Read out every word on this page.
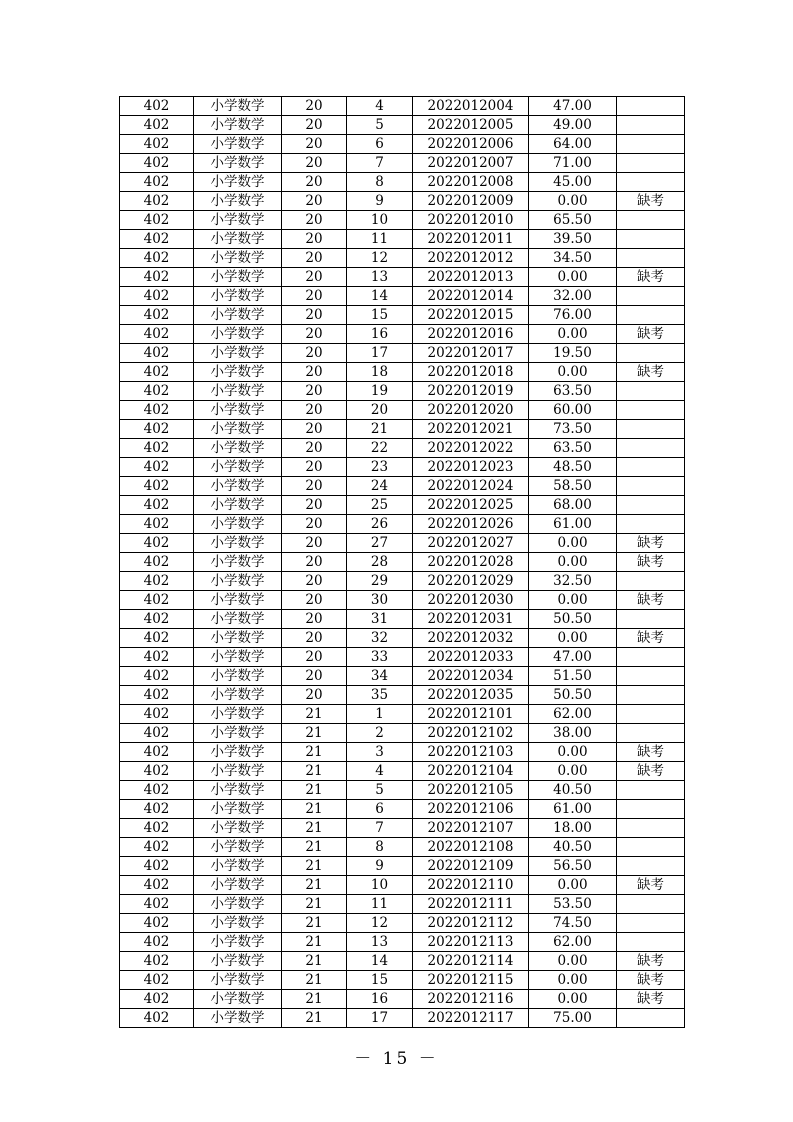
402	小学数学	20	4	2022012004	47.00	
402	小学数学	20	5	2022012005	49.00	
402	小学数学	20	6	2022012006	64.00	
402	小学数学	20	7	2022012007	71.00	
402	小学数学	20	8	2022012008	45.00	
402	小学数学	20	9	2022012009	0.00	缺考
402	小学数学	20	10	2022012010	65.50	
402	小学数学	20	11	2022012011	39.50	
402	小学数学	20	12	2022012012	34.50	
402	小学数学	20	13	2022012013	0.00	缺考
402	小学数学	20	14	2022012014	32.00	
402	小学数学	20	15	2022012015	76.00	
402	小学数学	20	16	2022012016	0.00	缺考
402	小学数学	20	17	2022012017	19.50	
402	小学数学	20	18	2022012018	0.00	缺考
402	小学数学	20	19	2022012019	63.50	
402	小学数学	20	20	2022012020	60.00	
402	小学数学	20	21	2022012021	73.50	
402	小学数学	20	22	2022012022	63.50	
402	小学数学	20	23	2022012023	48.50	
402	小学数学	20	24	2022012024	58.50	
402	小学数学	20	25	2022012025	68.00	
402	小学数学	20	26	2022012026	61.00	
402	小学数学	20	27	2022012027	0.00	缺考
402	小学数学	20	28	2022012028	0.00	缺考
402	小学数学	20	29	2022012029	32.50	
402	小学数学	20	30	2022012030	0.00	缺考
402	小学数学	20	31	2022012031	50.50	
402	小学数学	20	32	2022012032	0.00	缺考
402	小学数学	20	33	2022012033	47.00	
402	小学数学	20	34	2022012034	51.50	
402	小学数学	20	35	2022012035	50.50	
402	小学数学	21	1	2022012101	62.00	
402	小学数学	21	2	2022012102	38.00	
402	小学数学	21	3	2022012103	0.00	缺考
402	小学数学	21	4	2022012104	0.00	缺考
402	小学数学	21	5	2022012105	40.50	
402	小学数学	21	6	2022012106	61.00	
402	小学数学	21	7	2022012107	18.00	
402	小学数学	21	8	2022012108	40.50	
402	小学数学	21	9	2022012109	56.50	
402	小学数学	21	10	2022012110	0.00	缺考
402	小学数学	21	11	2022012111	53.50	
402	小学数学	21	12	2022012112	74.50	
402	小学数学	21	13	2022012113	62.00	
402	小学数学	21	14	2022012114	0.00	缺考
402	小学数学	21	15	2022012115	0.00	缺考
402	小学数学	21	16	2022012116	0.00	缺考
402	小学数学	21	17	2022012117	75.00	
－ 15 －
